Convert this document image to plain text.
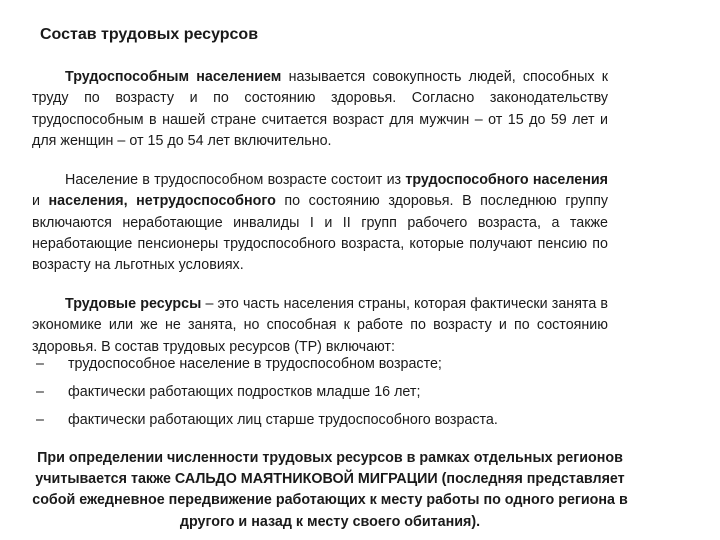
Состав трудовых ресурсов

Трудоспособным населением называется совокупность людей, способных к труду по возрасту и по состоянию здоровья. Согласно законодательству трудоспособным в нашей стране считается возраст для мужчин – от 15 до 59 лет и для женщин – от 15 до 54 лет включительно.

Население в трудоспособном возрасте состоит из трудоспособного населения и населения, нетрудоспособного по состоянию здоровья. В последнюю группу включаются неработающие инвалиды I и II групп рабочего возраста, а также неработающие пенсионеры трудоспособного возраста, которые получают пенсию по возрасту на льготных условиях.

Трудовые ресурсы – это часть населения страны, которая фактически занята в экономике или же не занята, но способная к работе по возрасту и по состоянию здоровья. В состав трудовых ресурсов (ТР) включают:

– трудоспособное население в трудоспособном возрасте;
– фактически работающих подростков младше 16 лет;
– фактически работающих лиц старше трудоспособного возраста.

При определении численности трудовых ресурсов в рамках отдельных регионов учитывается также САЛЬДО МАЯТНИКОВОЙ МИГРАЦИИ (последняя представляет собой ежедневное передвижение работающих к месту работы по одного региона в другого и назад к месту своего обитания).
